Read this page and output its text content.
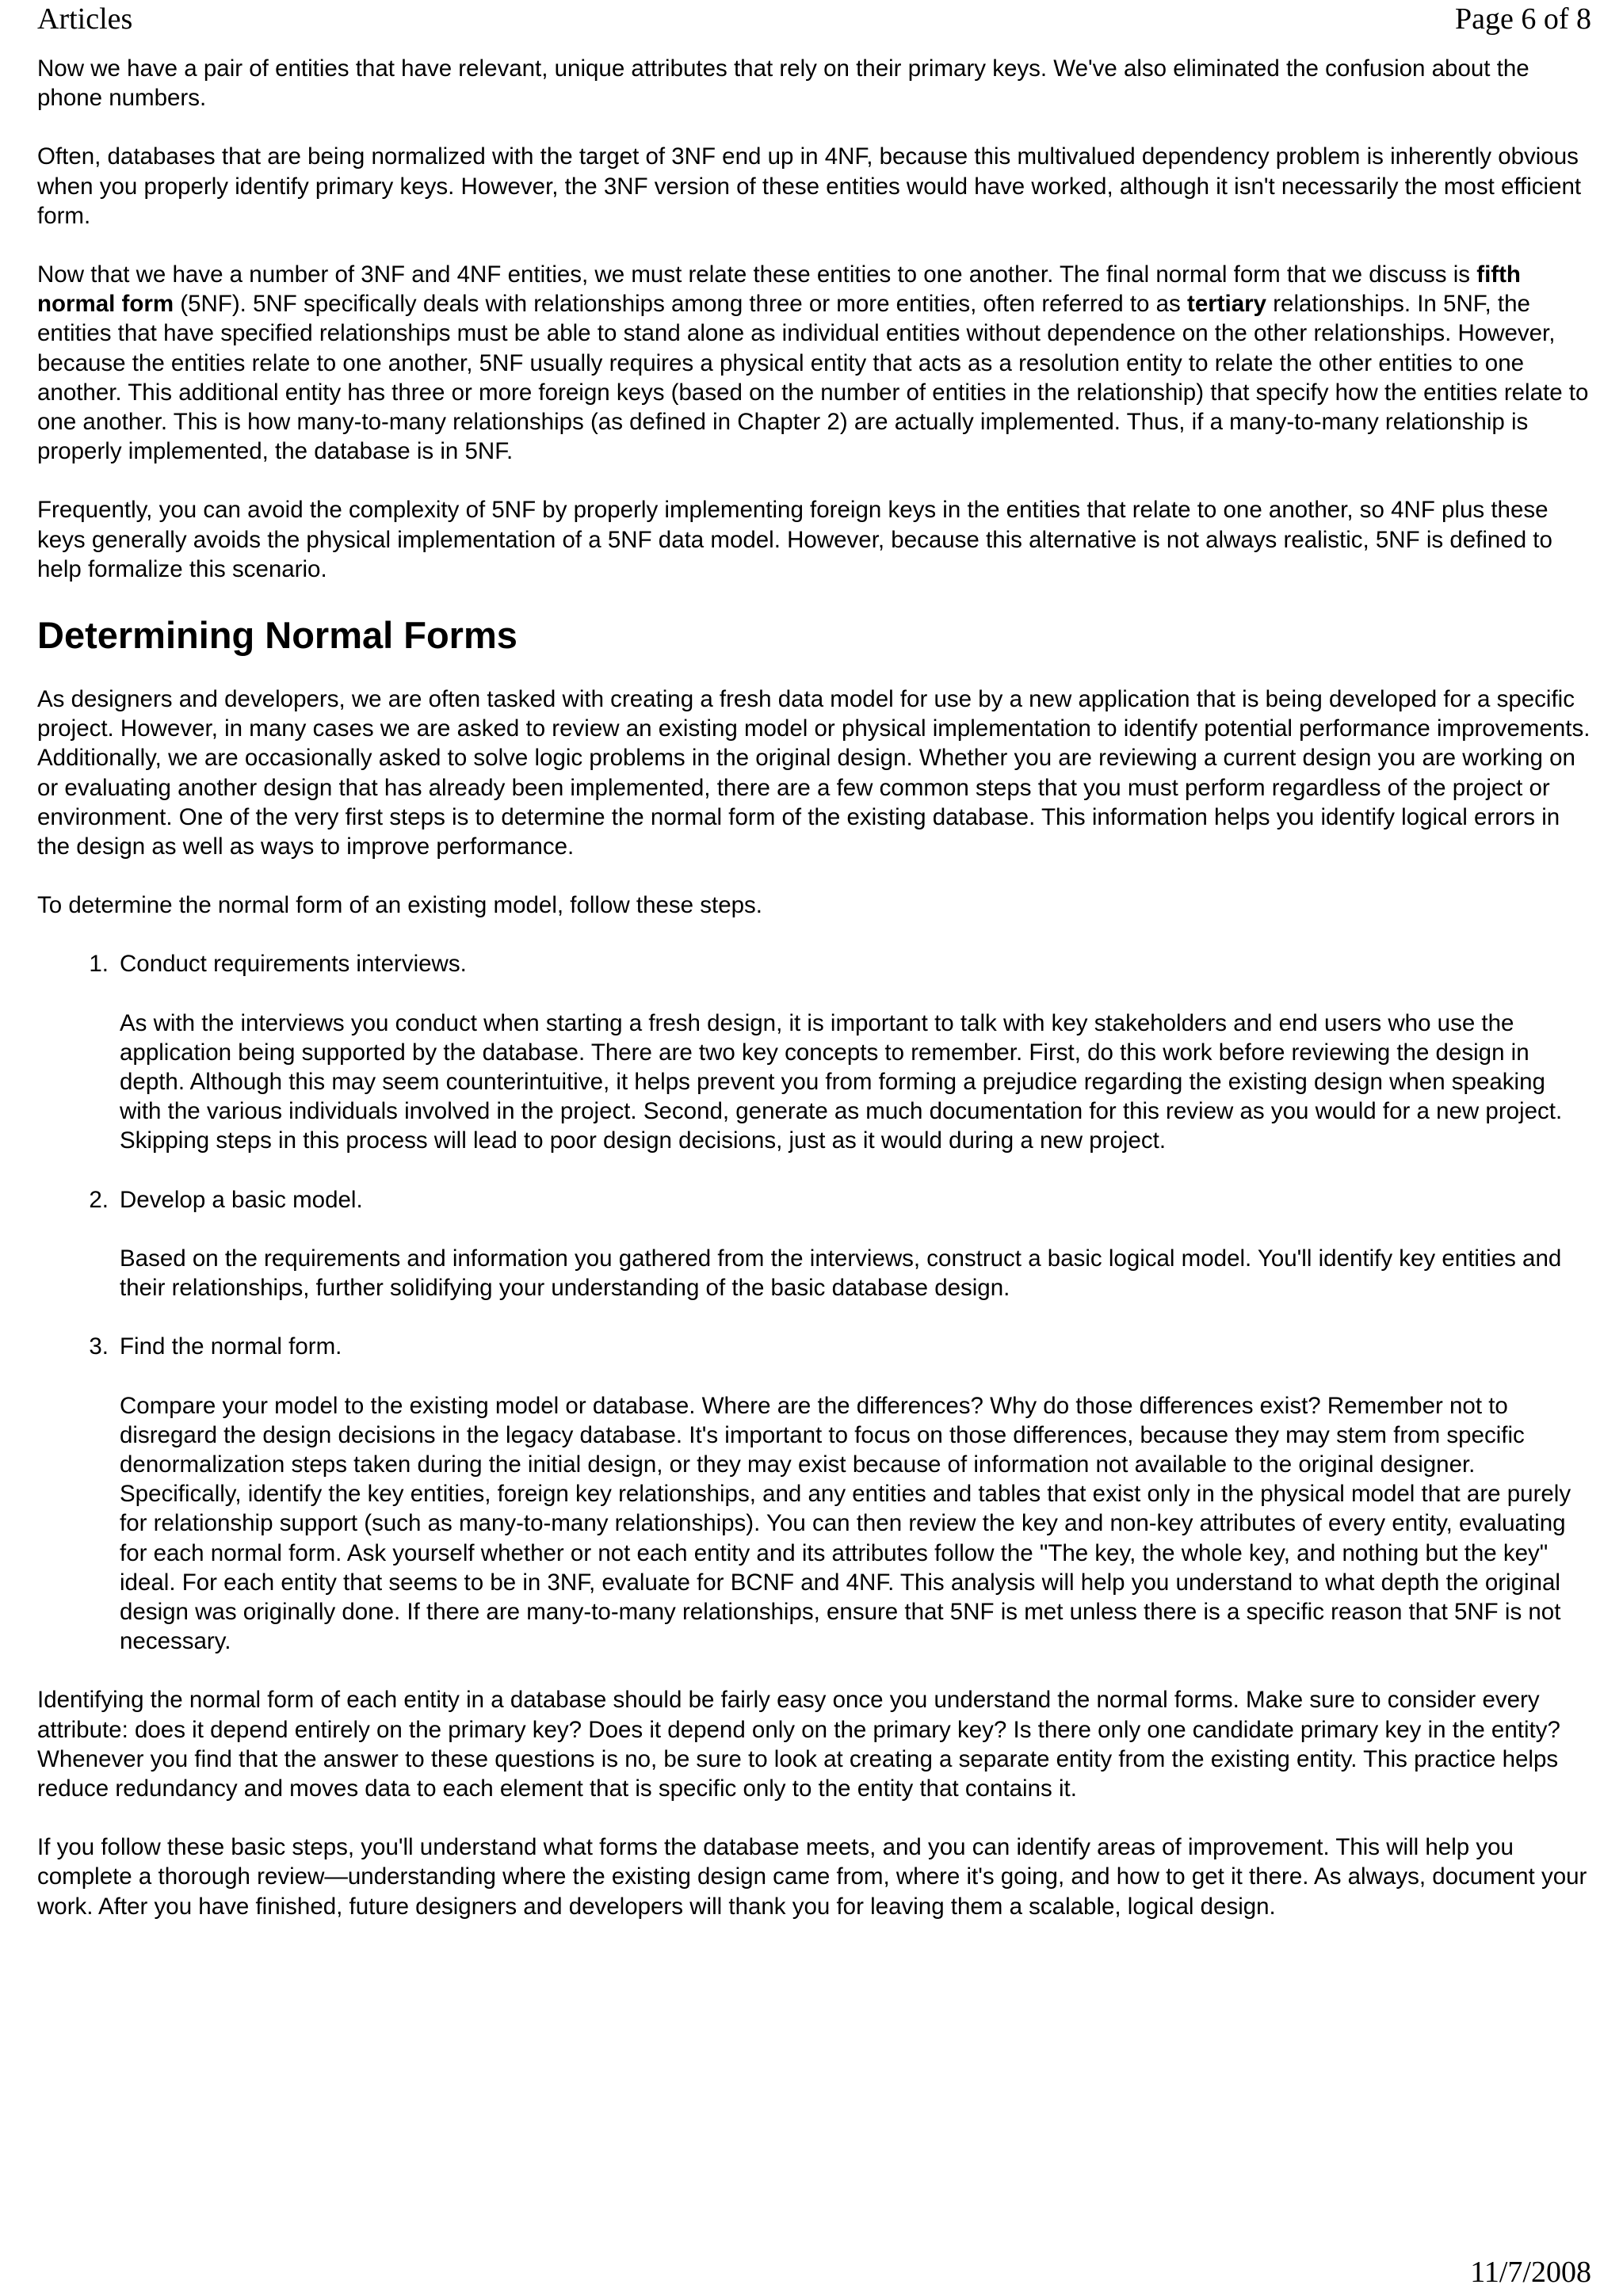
Articles	Page 6 of 8

Now we have a pair of entities that have relevant, unique attributes that rely on their primary keys. We've also eliminated the confusion about the phone numbers.

Often, databases that are being normalized with the target of 3NF end up in 4NF, because this multivalued dependency problem is inherently obvious when you properly identify primary keys. However, the 3NF version of these entities would have worked, although it isn't necessarily the most efficient form.

Now that we have a number of 3NF and 4NF entities, we must relate these entities to one another. The final normal form that we discuss is fifth normal form (5NF). 5NF specifically deals with relationships among three or more entities, often referred to as tertiary relationships. In 5NF, the entities that have specified relationships must be able to stand alone as individual entities without dependence on the other relationships. However, because the entities relate to one another, 5NF usually requires a physical entity that acts as a resolution entity to relate the other entities to one another. This additional entity has three or more foreign keys (based on the number of entities in the relationship) that specify how the entities relate to one another. This is how many-to-many relationships (as defined in Chapter 2) are actually implemented. Thus, if a many-to-many relationship is properly implemented, the database is in 5NF.

Frequently, you can avoid the complexity of 5NF by properly implementing foreign keys in the entities that relate to one another, so 4NF plus these keys generally avoids the physical implementation of a 5NF data model. However, because this alternative is not always realistic, 5NF is defined to help formalize this scenario.

Determining Normal Forms

As designers and developers, we are often tasked with creating a fresh data model for use by a new application that is being developed for a specific project. However, in many cases we are asked to review an existing model or physical implementation to identify potential performance improvements. Additionally, we are occasionally asked to solve logic problems in the original design. Whether you are reviewing a current design you are working on or evaluating another design that has already been implemented, there are a few common steps that you must perform regardless of the project or environment. One of the very first steps is to determine the normal form of the existing database. This information helps you identify logical errors in the design as well as ways to improve performance.

To determine the normal form of an existing model, follow these steps.

1. Conduct requirements interviews.
As with the interviews you conduct when starting a fresh design, it is important to talk with key stakeholders and end users who use the application being supported by the database. There are two key concepts to remember. First, do this work before reviewing the design in depth. Although this may seem counterintuitive, it helps prevent you from forming a prejudice regarding the existing design when speaking with the various individuals involved in the project. Second, generate as much documentation for this review as you would for a new project. Skipping steps in this process will lead to poor design decisions, just as it would during a new project.
2. Develop a basic model.
Based on the requirements and information you gathered from the interviews, construct a basic logical model. You'll identify key entities and their relationships, further solidifying your understanding of the basic database design.
3. Find the normal form.
Compare your model to the existing model or database. Where are the differences? Why do those differences exist? Remember not to disregard the design decisions in the legacy database. It's important to focus on those differences, because they may stem from specific denormalization steps taken during the initial design, or they may exist because of information not available to the original designer. Specifically, identify the key entities, foreign key relationships, and any entities and tables that exist only in the physical model that are purely for relationship support (such as many-to-many relationships). You can then review the key and non-key attributes of every entity, evaluating for each normal form. Ask yourself whether or not each entity and its attributes follow the "The key, the whole key, and nothing but the key" ideal. For each entity that seems to be in 3NF, evaluate for BCNF and 4NF. This analysis will help you understand to what depth the original design was originally done. If there are many-to-many relationships, ensure that 5NF is met unless there is a specific reason that 5NF is not necessary.

Identifying the normal form of each entity in a database should be fairly easy once you understand the normal forms. Make sure to consider every attribute: does it depend entirely on the primary key? Does it depend only on the primary key? Is there only one candidate primary key in the entity? Whenever you find that the answer to these questions is no, be sure to look at creating a separate entity from the existing entity. This practice helps reduce redundancy and moves data to each element that is specific only to the entity that contains it.

If you follow these basic steps, you'll understand what forms the database meets, and you can identify areas of improvement. This will help you complete a thorough review—understanding where the existing design came from, where it's going, and how to get it there. As always, document your work. After you have finished, future designers and developers will thank you for leaving them a scalable, logical design.

11/7/2008
